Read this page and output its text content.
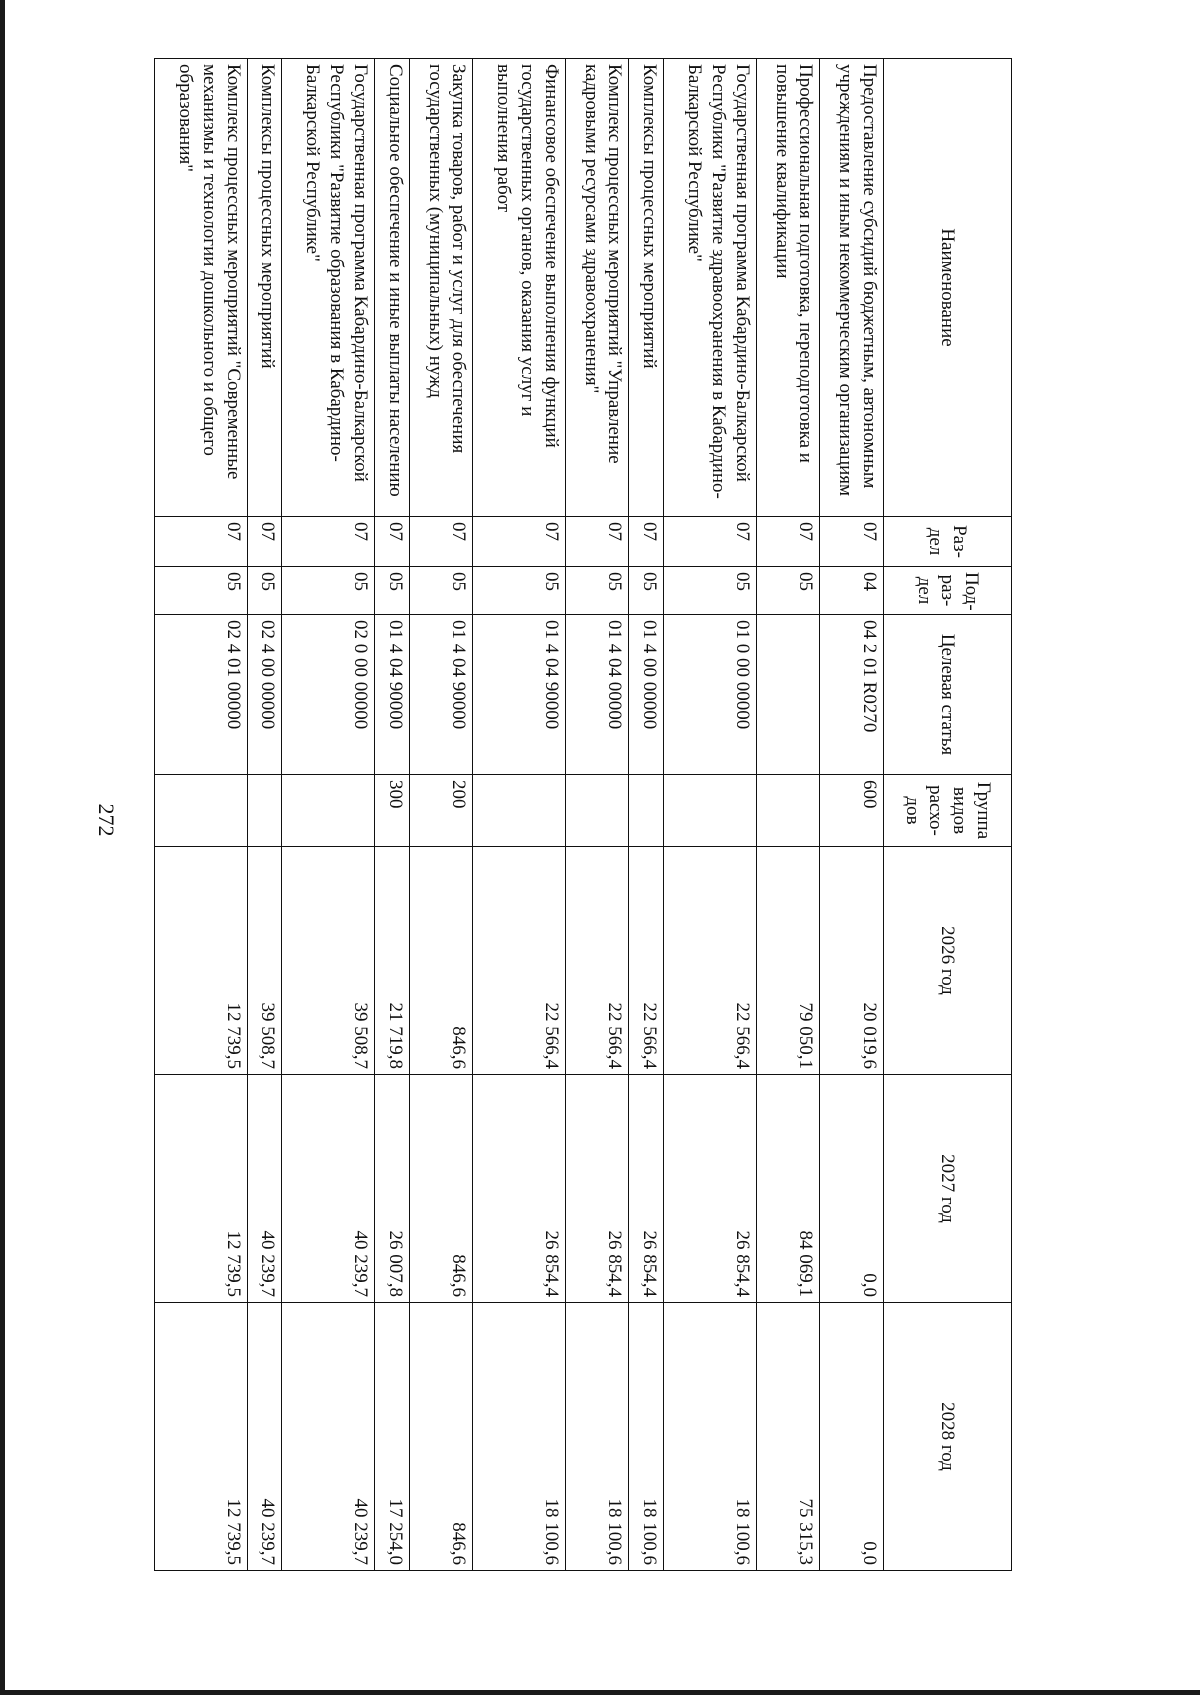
272
Наименование	Раз-дел	Под-раз-дел	Целевая статья	Группа видов расхо-дов	2026 год	2027 год	2028 год
Предоставление субсидий бюджетным, автономным учреждениям и иным некоммерческим организациям	07	04	04 2 01 R0270	600	20 019,6	0,0	0,0
Профессиональная подготовка, переподготовка и повышение квалификации	07	05			79 050,1	84 069,1	75 315,3
Государственная программа Кабардино-Балкарской Республики "Развитие здравоохранения в Кабардино-Балкарской Республике"	07	05	01 0 00 00000		22 566,4	26 854,4	18 100,6
Комплексы процессных мероприятий	07	05	01 4 00 00000		22 566,4	26 854,4	18 100,6
Комплекс процессных мероприятий "Управление кадровыми ресурсами здравоохранения"	07	05	01 4 04 00000		22 566,4	26 854,4	18 100,6
Финансовое обеспечение выполнения функций государственных органов, оказания услуг и выполнения работ	07	05	01 4 04 90000		22 566,4	26 854,4	18 100,6
Закупка товаров, работ и услуг для обеспечения государственных (муниципальных) нужд	07	05	01 4 04 90000	200	846,6	846,6	846,6
Социальное обеспечение и иные выплаты населению	07	05	01 4 04 90000	300	21 719,8	26 007,8	17 254,0
Государственная программа Кабардино-Балкарской Республики "Развитие образования в Кабардино-Балкарской Республике"	07	05	02 0 00 00000		39 508,7	40 239,7	40 239,7
Комплексы процессных мероприятий	07	05	02 4 00 00000		39 508,7	40 239,7	40 239,7
Комплекс процессных мероприятий "Современные механизмы и технологии дошкольного и общего образования"	07	05	02 4 01 00000		12 739,5	12 739,5	12 739,5
